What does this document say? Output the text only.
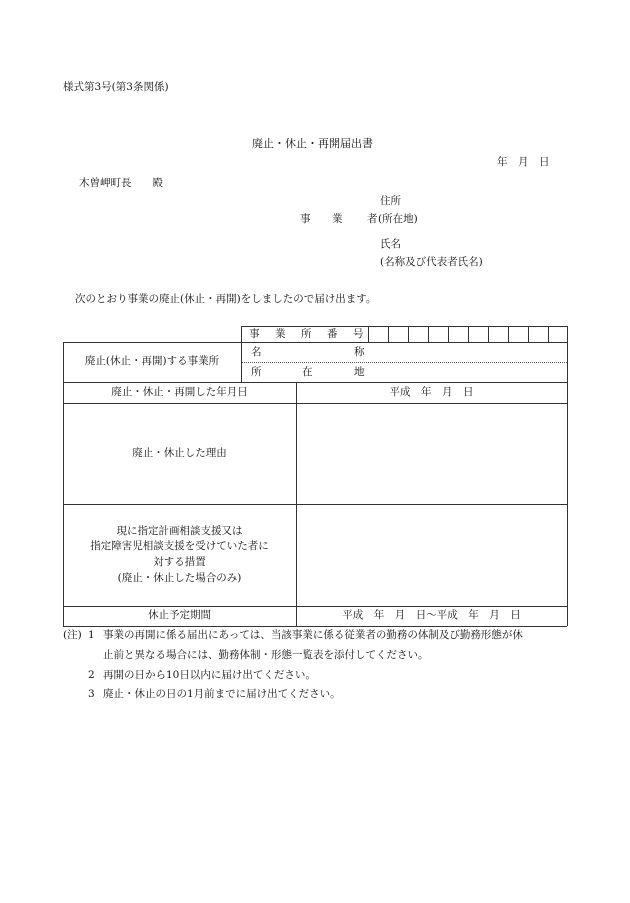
様式第3号(第3条関係)
廃止・休止・再開届出書
年　月　日
木曽岬町長　　殿
住所
事 業 者 (所在地)
氏名
(名称及び代表者氏名)
次のとおり事業の廃止(休止・再開)をしましたので届け出ます。
事 業 所 番 号
廃止(休止・再開)する事業所
名	称
所	在	地
廃止・休止・再開した年月日	平成　年　月　日
廃止・休止した理由
現に指定計画相談支援又は
指定障害児相談支援を受けていた者に
対する措置
(廃止・休止した場合のみ)
休止予定期間	平成　年　月　日～平成　年　月　日
(注) 1 事業の再開に係る届出にあっては、当該事業に係る従業者の勤務の体制及び勤務形態が休
止前と異なる場合には、勤務体制・形態一覧表を添付してください。
2 再開の日から10日以内に届け出てください。
3 廃止・休止の日の1月前までに届け出てください。
